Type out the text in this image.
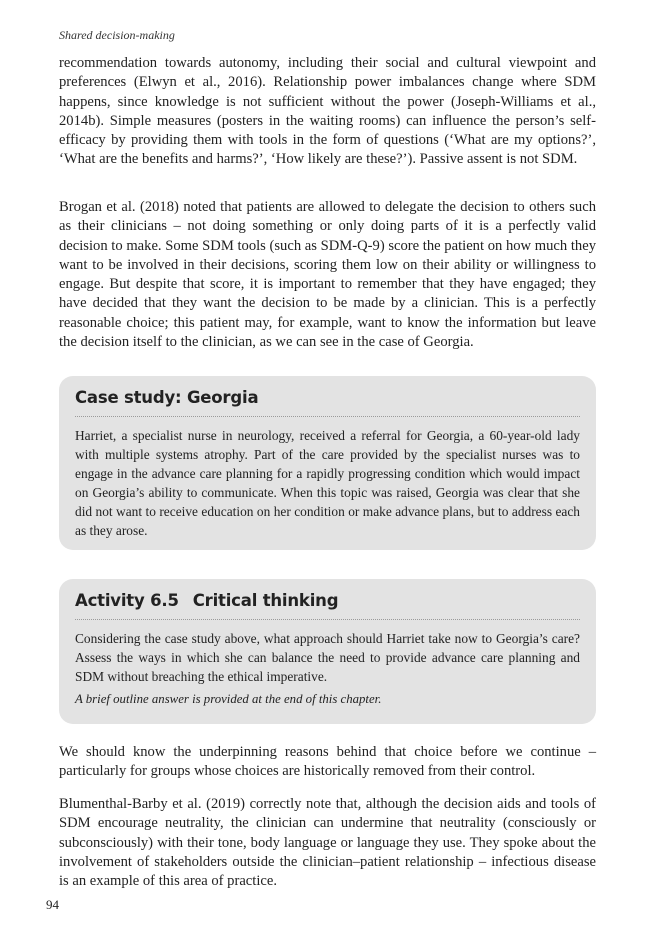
Shared decision-making

recommendation towards autonomy, including their social and cultural viewpoint and preferences (Elwyn et al., 2016). Relationship power imbalances change where SDM happens, since knowledge is not sufficient without the power (Joseph-Williams et al., 2014b). Simple measures (posters in the waiting rooms) can influence the person’s self-efficacy by providing them with tools in the form of questions (‘What are my options?’, ‘What are the benefits and harms?’, ‘How likely are these?’). Passive assent is not SDM.

Brogan et al. (2018) noted that patients are allowed to delegate the decision to others such as their clinicians – not doing something or only doing parts of it is a perfectly valid decision to make. Some SDM tools (such as SDM-Q-9) score the patient on how much they want to be involved in their decisions, scoring them low on their ability or willingness to engage. But despite that score, it is important to remember that they have engaged; they have decided that they want the decision to be made by a clinician. This is a perfectly reasonable choice; this patient may, for example, want to know the information but leave the decision itself to the clinician, as we can see in the case of Georgia.

Case study: Georgia

Harriet, a specialist nurse in neurology, received a referral for Georgia, a 60-year-old lady with multiple systems atrophy. Part of the care provided by the specialist nurses was to engage in the advance care planning for a rapidly progressing condition which would impact on Georgia’s ability to communicate. When this topic was raised, Georgia was clear that she did not want to receive education on her condition or make advance plans, but to address each as they arose.

Activity 6.5 Critical thinking

Considering the case study above, what approach should Harriet take now to Georgia’s care? Assess the ways in which she can balance the need to provide advance care planning and SDM without breaching the ethical imperative.

A brief outline answer is provided at the end of this chapter.

We should know the underpinning reasons behind that choice before we continue – particularly for groups whose choices are historically removed from their control.

Blumenthal-Barby et al. (2019) correctly note that, although the decision aids and tools of SDM encourage neutrality, the clinician can undermine that neutrality (consciously or subconsciously) with their tone, body language or language they use. They spoke about the involvement of stakeholders outside the clinician–patient relationship – infectious disease is an example of this area of practice.

94
